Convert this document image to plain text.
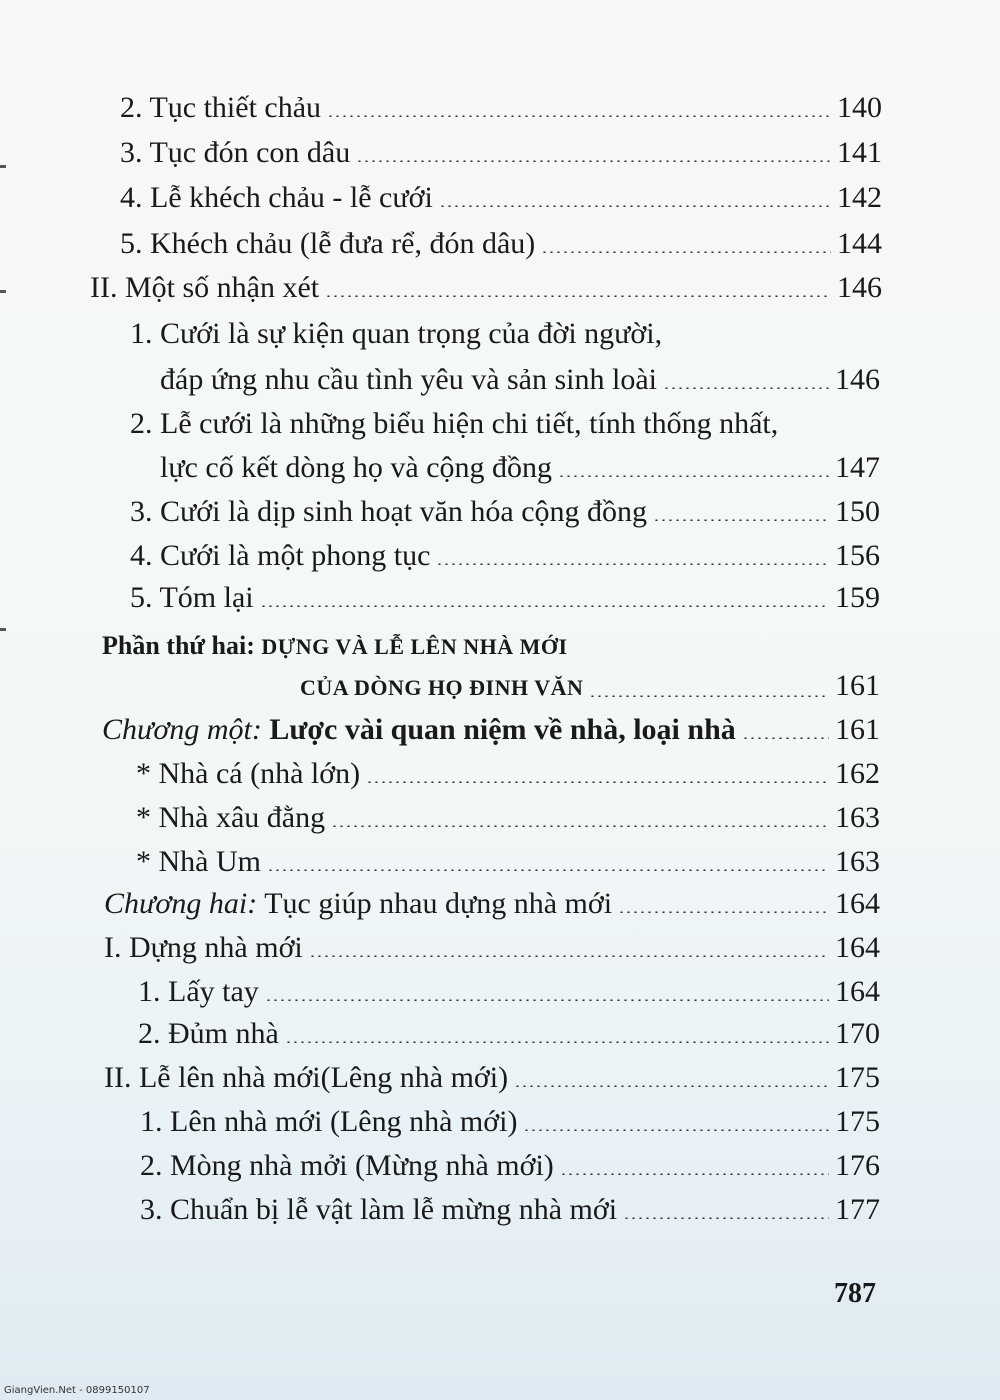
2. Tục thiết chảu	140
3. Tục đón con dâu	141
4. Lễ khéch chảu - lễ cưới	142
5. Khéch chảu (lễ đưa rể, đón dâu)	144
II. Một số nhận xét	146
1. Cưới là sự kiện quan trọng của đời người,
đáp ứng nhu cầu tình yêu và sản sinh loài	146
2. Lễ cưới là những biểu hiện chi tiết, tính thống nhất,
lực cố kết dòng họ và cộng đồng	147
3. Cưới là dịp sinh hoạt văn hóa cộng đồng	150
4. Cưới là một phong tục	156
5. Tóm lại	159
Phần thứ hai: DỰNG VÀ LỄ LÊN NHÀ MỚI
CỦA DÒNG HỌ ĐINH VĂN	161
Chương một: Lược vài quan niệm về nhà, loại nhà	161
* Nhà cá (nhà lớn)	162
* Nhà xâu đằng	163
* Nhà Um	163
Chương hai: Tục giúp nhau dựng nhà mới	164
I. Dựng nhà mới	164
1. Lấy tay	164
2. Đủm nhà	170
II. Lễ lên nhà mới(Lêng nhà mới)	175
1. Lên nhà mới (Lêng nhà mới)	175
2. Mòng nhà mởi (Mừng nhà mới)	176
3. Chuẩn bị lễ vật làm lễ mừng nhà mới	177
787
GiangVien.Net - 0899150107
